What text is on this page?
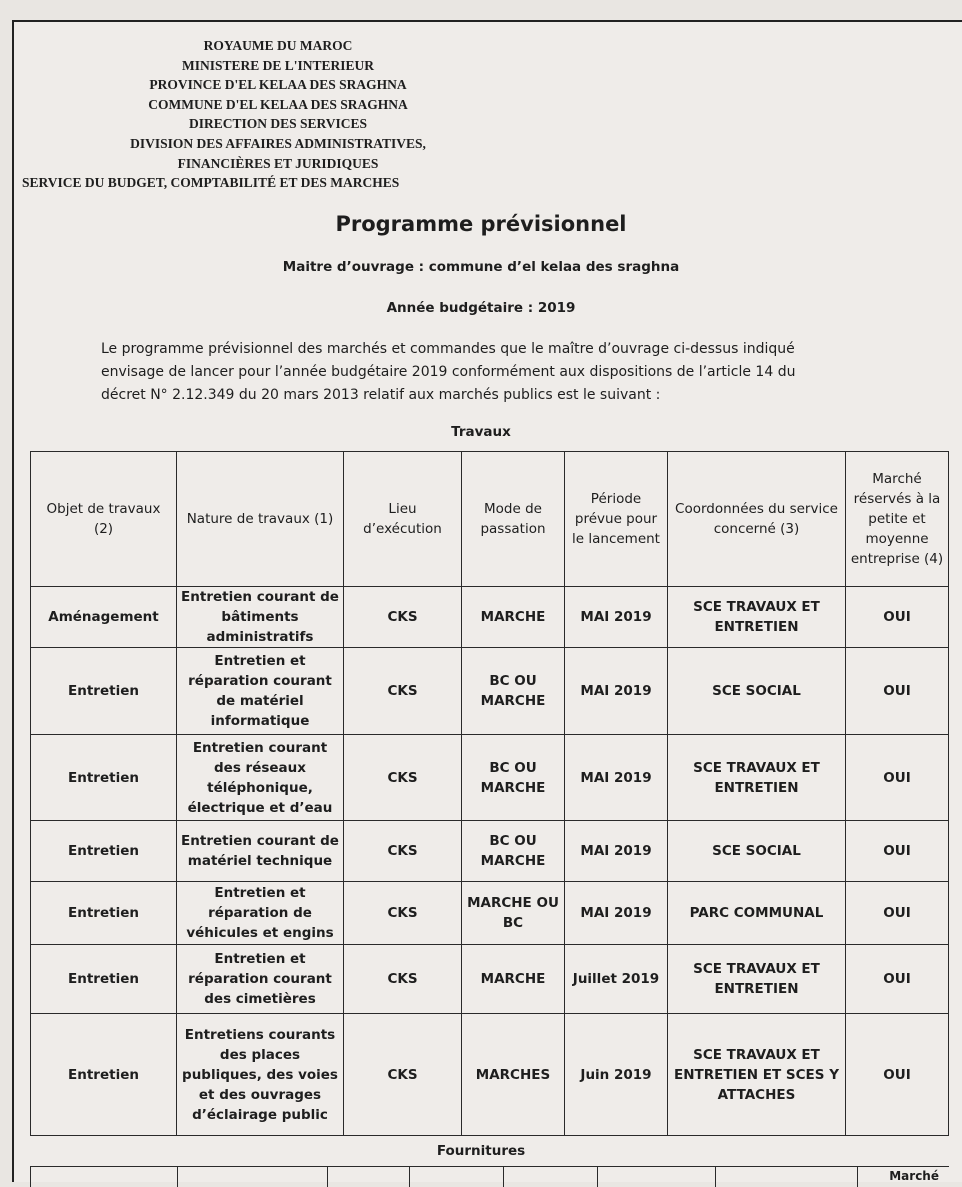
ROYAUME DU MAROC
MINISTERE DE L'INTERIEUR
PROVINCE D'EL KELAA DES SRAGHNA
COMMUNE D'EL KELAA DES SRAGHNA
DIRECTION DES SERVICES
DIVISION DES AFFAIRES ADMINISTRATIVES,
FINANCIÈRES ET JURIDIQUES
SERVICE DU BUDGET, COMPTABILITÉ ET DES MARCHES
Programme prévisionnel
Maitre d’ouvrage : commune d’el kelaa des sraghna
Année budgétaire : 2019
Le programme prévisionnel des marchés et commandes que le maître d’ouvrage ci-dessus indiqué
envisage de lancer pour l’année budgétaire 2019 conformément aux dispositions de l’article 14 du
décret N° 2.12.349 du 20 mars 2013 relatif aux marchés publics est le suivant :
Travaux
Objet de travaux (2)	Nature de travaux (1)	Lieu d’exécution	Mode de passation	Période prévue pour le lancement	Coordonnées du service concerné (3)	Marché réservés à la petite et moyenne entreprise (4)
Aménagement	Entretien courant de bâtiments administratifs	CKS	MARCHE	MAI 2019	SCE TRAVAUX ET ENTRETIEN	OUI
Entretien	Entretien et réparation courant de matériel informatique	CKS	BC OU MARCHE	MAI 2019	SCE SOCIAL	OUI
Entretien	Entretien courant des réseaux téléphonique, électrique et d’eau	CKS	BC OU MARCHE	MAI 2019	SCE TRAVAUX ET ENTRETIEN	OUI
Entretien	Entretien courant de matériel technique	CKS	BC OU MARCHE	MAI 2019	SCE SOCIAL	OUI
Entretien	Entretien et réparation de véhicules et engins	CKS	MARCHE OU BC	MAI 2019	PARC COMMUNAL	OUI
Entretien	Entretien et réparation courant des cimetières	CKS	MARCHE	Juillet 2019	SCE TRAVAUX ET ENTRETIEN	OUI
Entretien	Entretiens courants des places publiques, des voies et des ouvrages d’éclairage public	CKS	MARCHES	Juin 2019	SCE TRAVAUX ET ENTRETIEN ET SCES Y ATTACHES	OUI
Fournitures
Marché
